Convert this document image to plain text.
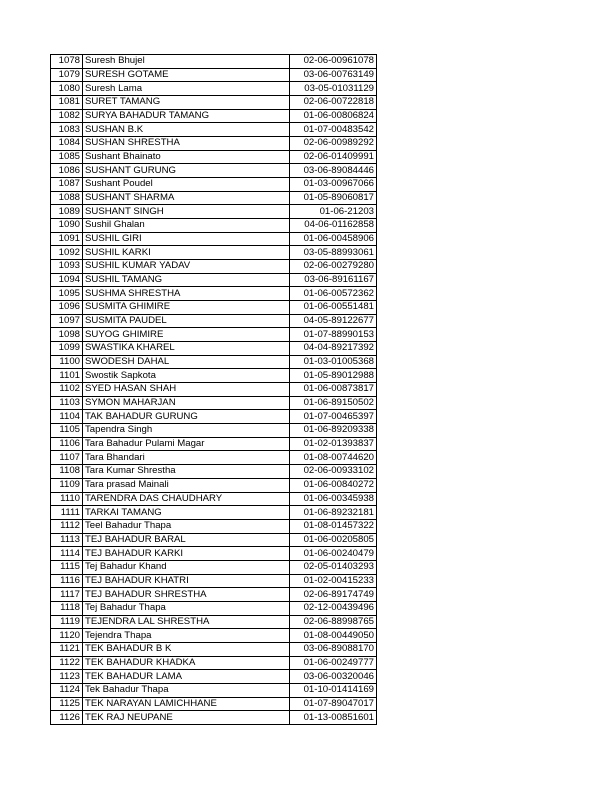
1078	Suresh Bhujel	02-06-00961078
1079	SURESH GOTAME	03-06-00763149
1080	Suresh Lama	03-05-01031129
1081	SURET TAMANG	02-06-00722818
1082	SURYA BAHADUR TAMANG	01-06-00806824
1083	SUSHAN B.K	01-07-00483542
1084	SUSHAN SHRESTHA	02-06-00989292
1085	Sushant Bhainato	02-06-01409991
1086	SUSHANT GURUNG	03-06-89084446
1087	Sushant Poudel	01-03-00967066
1088	SUSHANT SHARMA	01-05-89060817
1089	SUSHANT SINGH	01-06-21203
1090	Sushil Ghalan	04-06-01162858
1091	SUSHIL GIRI	01-06-00458906
1092	SUSHIL KARKI	03-05-88993061
1093	SUSHIL KUMAR YADAV	02-06-00279280
1094	SUSHIL TAMANG	03-06-89161167
1095	SUSHMA SHRESTHA	01-06-00572362
1096	SUSMITA GHIMIRE	01-06-00551481
1097	SUSMITA PAUDEL	04-05-89122677
1098	SUYOG GHIMIRE	01-07-88990153
1099	SWASTIKA KHAREL	04-04-89217392
1100	SWODESH DAHAL	01-03-01005368
1101	Swostik Sapkota	01-05-89012988
1102	SYED HASAN SHAH	01-06-00873817
1103	SYMON MAHARJAN	01-06-89150502
1104	TAK BAHADUR GURUNG	01-07-00465397
1105	Tapendra Singh	01-06-89209338
1106	Tara Bahadur Pulami Magar	01-02-01393837
1107	Tara Bhandari	01-08-00744620
1108	Tara Kumar Shrestha	02-06-00933102
1109	Tara prasad Mainali	01-06-00840272
1110	TARENDRA DAS CHAUDHARY	01-06-00345938
1111	TARKAI TAMANG	01-06-89232181
1112	Teel Bahadur Thapa	01-08-01457322
1113	TEJ BAHADUR BARAL	01-06-00205805
1114	TEJ BAHADUR KARKI	01-06-00240479
1115	Tej Bahadur Khand	02-05-01403293
1116	TEJ BAHADUR KHATRI	01-02-00415233
1117	TEJ BAHADUR SHRESTHA	02-06-89174749
1118	Tej Bahadur Thapa	02-12-00439496
1119	TEJENDRA LAL SHRESTHA	02-06-88998765
1120	Tejendra Thapa	01-08-00449050
1121	TEK BAHADUR B K	03-06-89088170
1122	TEK BAHADUR KHADKA	01-06-00249777
1123	TEK BAHADUR LAMA	03-06-00320046
1124	Tek Bahadur Thapa	01-10-01414169
1125	TEK NARAYAN LAMICHHANE	01-07-89047017
1126	TEK RAJ NEUPANE	01-13-00851601
